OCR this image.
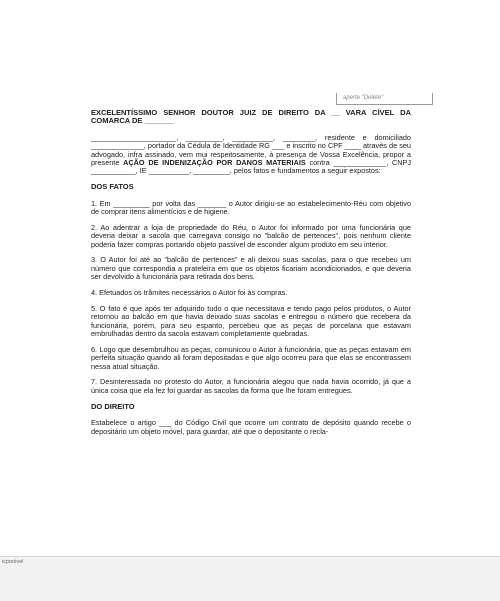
aperte "Delete"

EXCELENTÍSSIMO SENHOR DOUTOR JUIZ DE DIREITO DA __ VARA CÍVEL DA COMARCA DE _______

_____________________, _________, __________, ________, residente e domiciliado _____________, portador da Cédula de Identidade RG ___ e inscrito no CPF ____ através de seu advogado, infra assinado, vem mui respeitosamente, à presença de Vossa Excelência, propor a presente AÇÃO DE INDENIZAÇÃO POR DANOS MATERIAIS contra _____________, CNPJ ___________, IE __________, _________, pelos fatos e fundamentos a seguir expostos:

DOS FATOS

1. Em _________ por volta das _______ o Autor dirigiu-se ao estabelecimento-Réu com objetivo de comprar itens alimentícios e de higiene.

2. Ao adentrar a loja de propriedade do Réu, o Autor foi informado por uma funcionária que deveria deixar a sacola que carregava consigo no "balcão de pertences", pois nenhum cliente poderia fazer compras portando objeto passível de esconder algum produto em seu interior.

3. O Autor foi até ao "balcão de pertences" e ali deixou suas sacolas, para o que recebeu um número que correspondia a prateleira em que os objetos ficariam acondicionados, e que deveria ser devolvido à funcionária para retirada dos bens.

4. Efetuados os trâmites necessários o Autor foi às compras.

5. O fato é que após ter adquirido tudo o que necessitava e tendo pago pelos produtos, o Autor retornou ao balcão em que havia deixado suas sacolas e entregou o número que recebera da funcionária, porém, para seu espanto, percebeu que as peças de porcelana que estavam embrulhadas dentro da sacola estavam completamente quebradas.

6. Logo que desembrulhou as peças, comunicou o Autor à funcionária, que as peças estavam em perfeita situação quando ali foram depositadas e que algo ocorreu para que elas se encontrassem nessa atual situação.

7. Desinteressada no protesto do Autor, a funcionária alegou que nada havia ocorrido, já que a única coisa que ela fez foi guardar as sacolas da forma que lhe foram entregues.

DO DIREITO

Estabelece o artigo ___ do Código Civil que ocorre um contrato de depósito quando recebe o depositário um objeto móvel, para guardar, até que o depositante o recla-

icponivel
